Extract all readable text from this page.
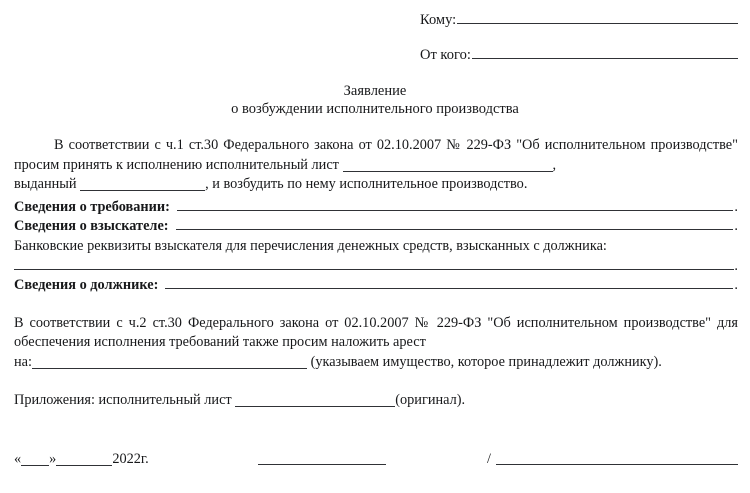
Кому:
От кого:
Заявление
о возбуждении исполнительного производства

В соответствии с ч.1 ст.30 Федерального закона от 02.10.2007 № 229-ФЗ "Об исполнительном производстве" просим принять к исполнению исполнительный лист	,

выданный	, и возбудить по нему исполнительное производство.

Сведения о требовании:	.
Сведения о взыскателе:	.

Банковские реквизиты взыскателя для перечисления денежных средств, взысканных с должника:

.
Сведения о должнике:	.

В соответствии с ч.2 ст.30 Федерального закона от 02.10.2007 № 229-ФЗ "Об исполнительном производстве" для обеспечения исполнения требований также просим наложить арест

на:	(указываем имущество, которое принадлежит должнику).

Приложения: исполнительный лист	(оригинал).

« »	2022г.	/
